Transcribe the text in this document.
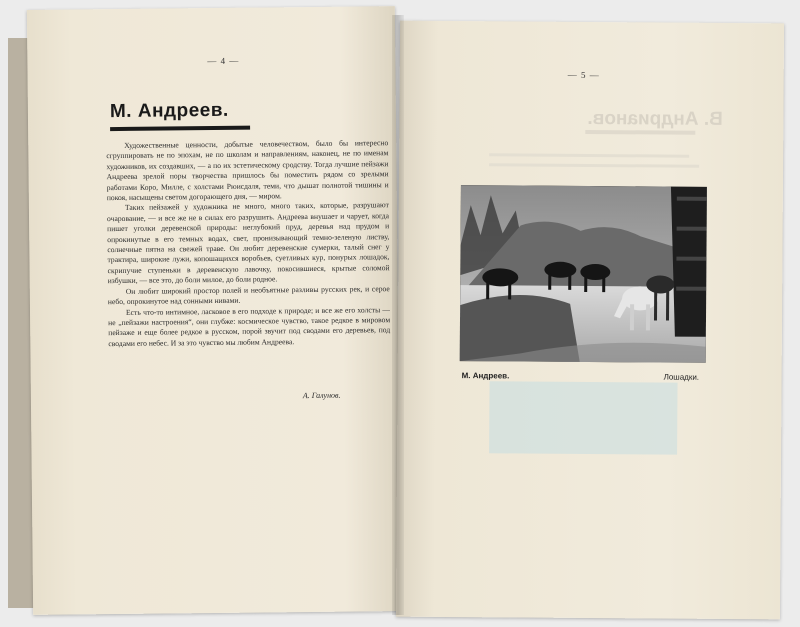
— 4 —
М. Андреев.

Художественные ценности, добытые человечеством, было бы интересно сгруппировать не по эпохам, не по школам и направлениям, наконец, не по именам художников, их создавших, — а по их эстетическому сродству. Тогда лучшие пейзажи Андреева зрелой поры творчества пришлось бы поместить рядом со зрелыми работами Коро, Милле, с холстами Рюисдаля, теми, что дышат полнотой тишины и покоя, насыщены светом догорающего дня, — миром.

Таких пейзажей у художника не много, много таких, которые, разрушают очарование, — и все же не в силах его разрушить. Андреева внушает и чарует, когда пишет уголки деревенской природы: неглубокий пруд, деревья над прудом и опрокинутые в его темных водах, свет, пронизывающий темно-зеленую листву, солнечные пятна на свежей траве. Он любит деревенские сумерки, талый снег у трактира, широкие лужи, копошащихся воробьев, суетливых кур, понурых лошадок, скрипучие ступеньки в деревенскую лавочку, покосившиеся, крытые соломой избушки, — все это, до боли милое, до боли родное.

Он любит широкий простор полей и необъятные разливы русских рек, и серое небо, опрокинутое над сонными нивами.

Есть что-то интимное, ласковое в его подходе к природе; и все же его холсты — не „пейзажи настроения“, они глубже: космическое чувство, такое редкое в мировом пейзаже и еще более редкое в русском, порой звучит под сводами его деревьев, под сводами его небес. И за это чувство мы любим Андреева.

А. Галунов.
— 5 —
В. Андрианов.
М. Андреев.	Лошадки.
